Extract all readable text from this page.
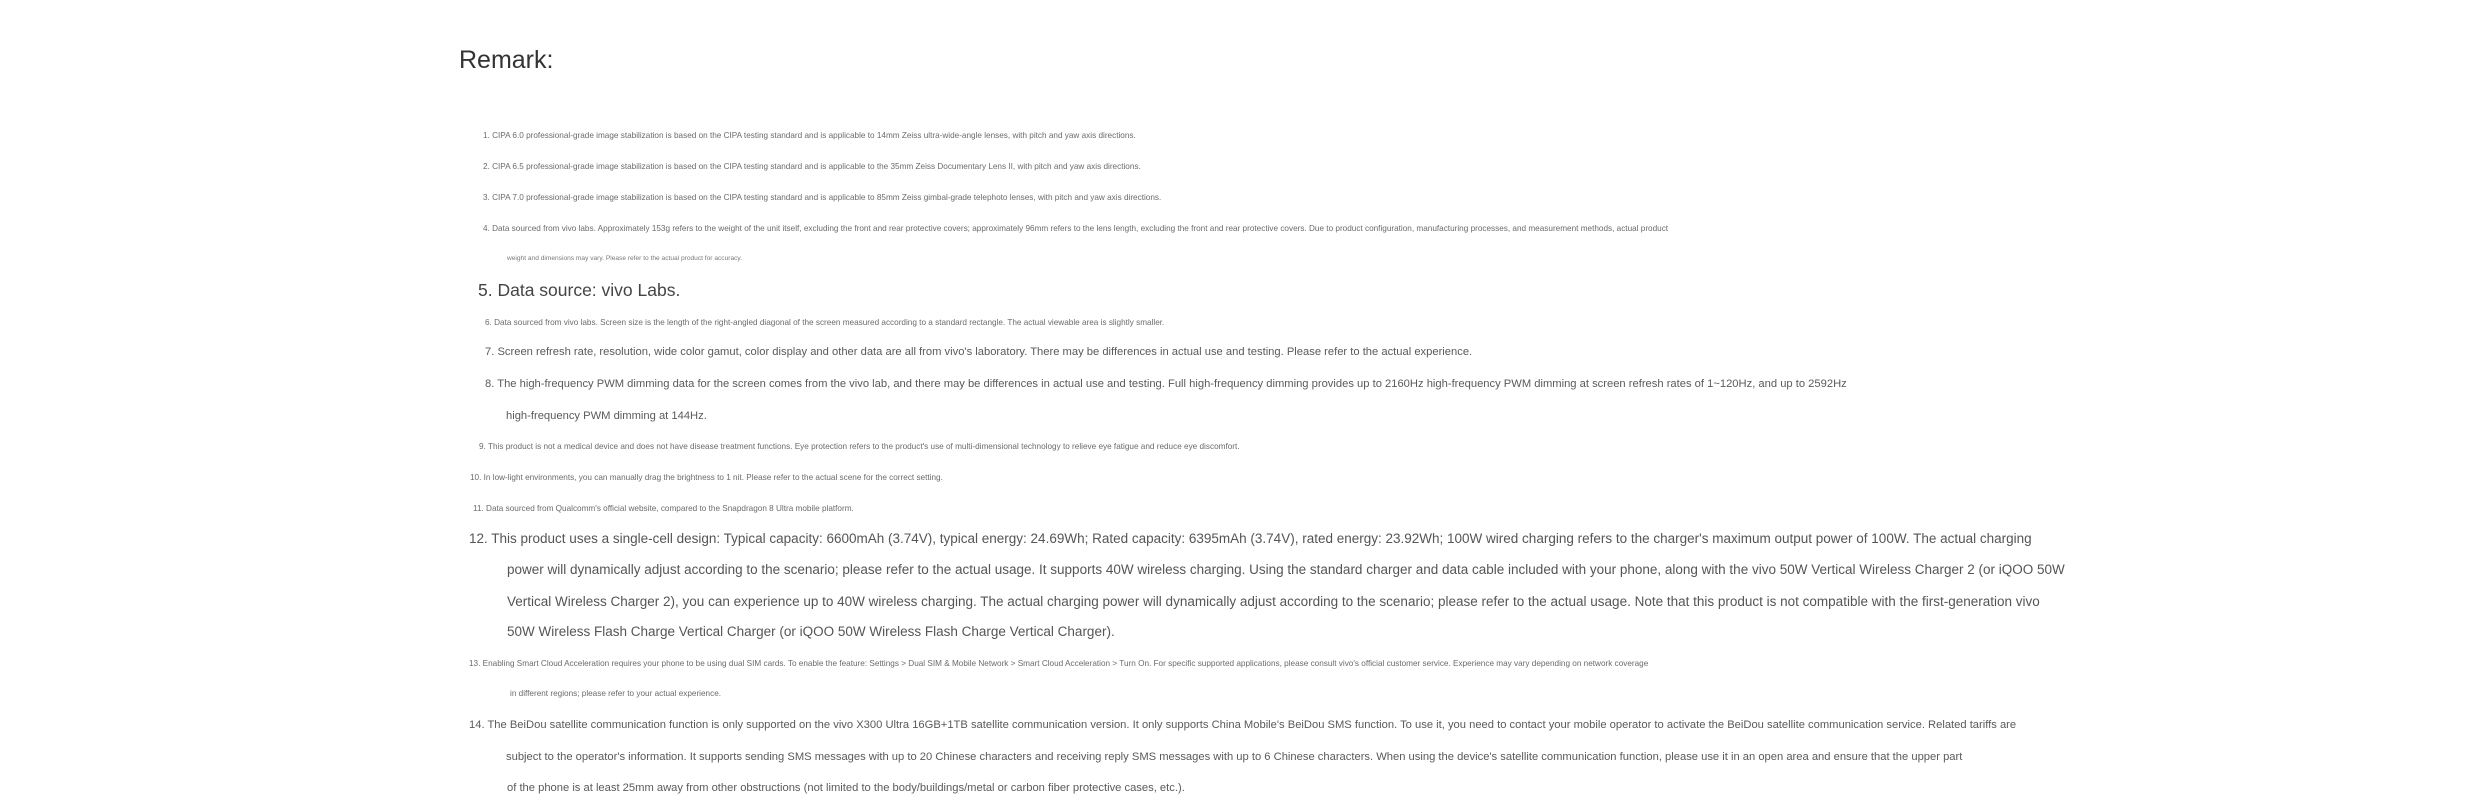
Remark:

1. CIPA 6.0 professional-grade image stabilization is based on the CIPA testing standard and is applicable to 14mm Zeiss ultra-wide-angle lenses, with pitch and yaw axis directions.

2. CIPA 6.5 professional-grade image stabilization is based on the CIPA testing standard and is applicable to the 35mm Zeiss Documentary Lens II, with pitch and yaw axis directions.

3. CIPA 7.0 professional-grade image stabilization is based on the CIPA testing standard and is applicable to 85mm Zeiss gimbal-grade telephoto lenses, with pitch and yaw axis directions.

4. Data sourced from vivo labs. Approximately 153g refers to the weight of the unit itself, excluding the front and rear protective covers; approximately 96mm refers to the lens length, excluding the front and rear protective covers. Due to product configuration, manufacturing processes, and measurement methods, actual product

weight and dimensions may vary. Please refer to the actual product for accuracy.

5. Data source: vivo Labs.

6. Data sourced from vivo labs. Screen size is the length of the right-angled diagonal of the screen measured according to a standard rectangle. The actual viewable area is slightly smaller.

7. Screen refresh rate, resolution, wide color gamut, color display and other data are all from vivo's laboratory. There may be differences in actual use and testing. Please refer to the actual experience.

8. The high-frequency PWM dimming data for the screen comes from the vivo lab, and there may be differences in actual use and testing. Full high-frequency dimming provides up to 2160Hz high-frequency PWM dimming at screen refresh rates of 1~120Hz, and up to 2592Hz

high-frequency PWM dimming at 144Hz.

9. This product is not a medical device and does not have disease treatment functions. Eye protection refers to the product's use of multi-dimensional technology to relieve eye fatigue and reduce eye discomfort.

10. In low-light environments, you can manually drag the brightness to 1 nit. Please refer to the actual scene for the correct setting.

11. Data sourced from Qualcomm's official website, compared to the Snapdragon 8 Ultra mobile platform.

12. This product uses a single-cell design: Typical capacity: 6600mAh (3.74V), typical energy: 24.69Wh; Rated capacity: 6395mAh (3.74V), rated energy: 23.92Wh; 100W wired charging refers to the charger's maximum output power of 100W. The actual charging

power will dynamically adjust according to the scenario; please refer to the actual usage. It supports 40W wireless charging. Using the standard charger and data cable included with your phone, along with the vivo 50W Vertical Wireless Charger 2 (or iQOO 50W

Vertical Wireless Charger 2), you can experience up to 40W wireless charging. The actual charging power will dynamically adjust according to the scenario; please refer to the actual usage. Note that this product is not compatible with the first-generation vivo

50W Wireless Flash Charge Vertical Charger (or iQOO 50W Wireless Flash Charge Vertical Charger).

13. Enabling Smart Cloud Acceleration requires your phone to be using dual SIM cards. To enable the feature: Settings > Dual SIM & Mobile Network > Smart Cloud Acceleration > Turn On. For specific supported applications, please consult vivo's official customer service. Experience may vary depending on network coverage

in different regions; please refer to your actual experience.

14. The BeiDou satellite communication function is only supported on the vivo X300 Ultra 16GB+1TB satellite communication version. It only supports China Mobile's BeiDou SMS function. To use it, you need to contact your mobile operator to activate the BeiDou satellite communication service. Related tariffs are

subject to the operator's information. It supports sending SMS messages with up to 20 Chinese characters and receiving reply SMS messages with up to 6 Chinese characters. When using the device's satellite communication function, please use it in an open area and ensure that the upper part

of the phone is at least 25mm away from other obstructions (not limited to the body/buildings/metal or carbon fiber protective cases, etc.).
